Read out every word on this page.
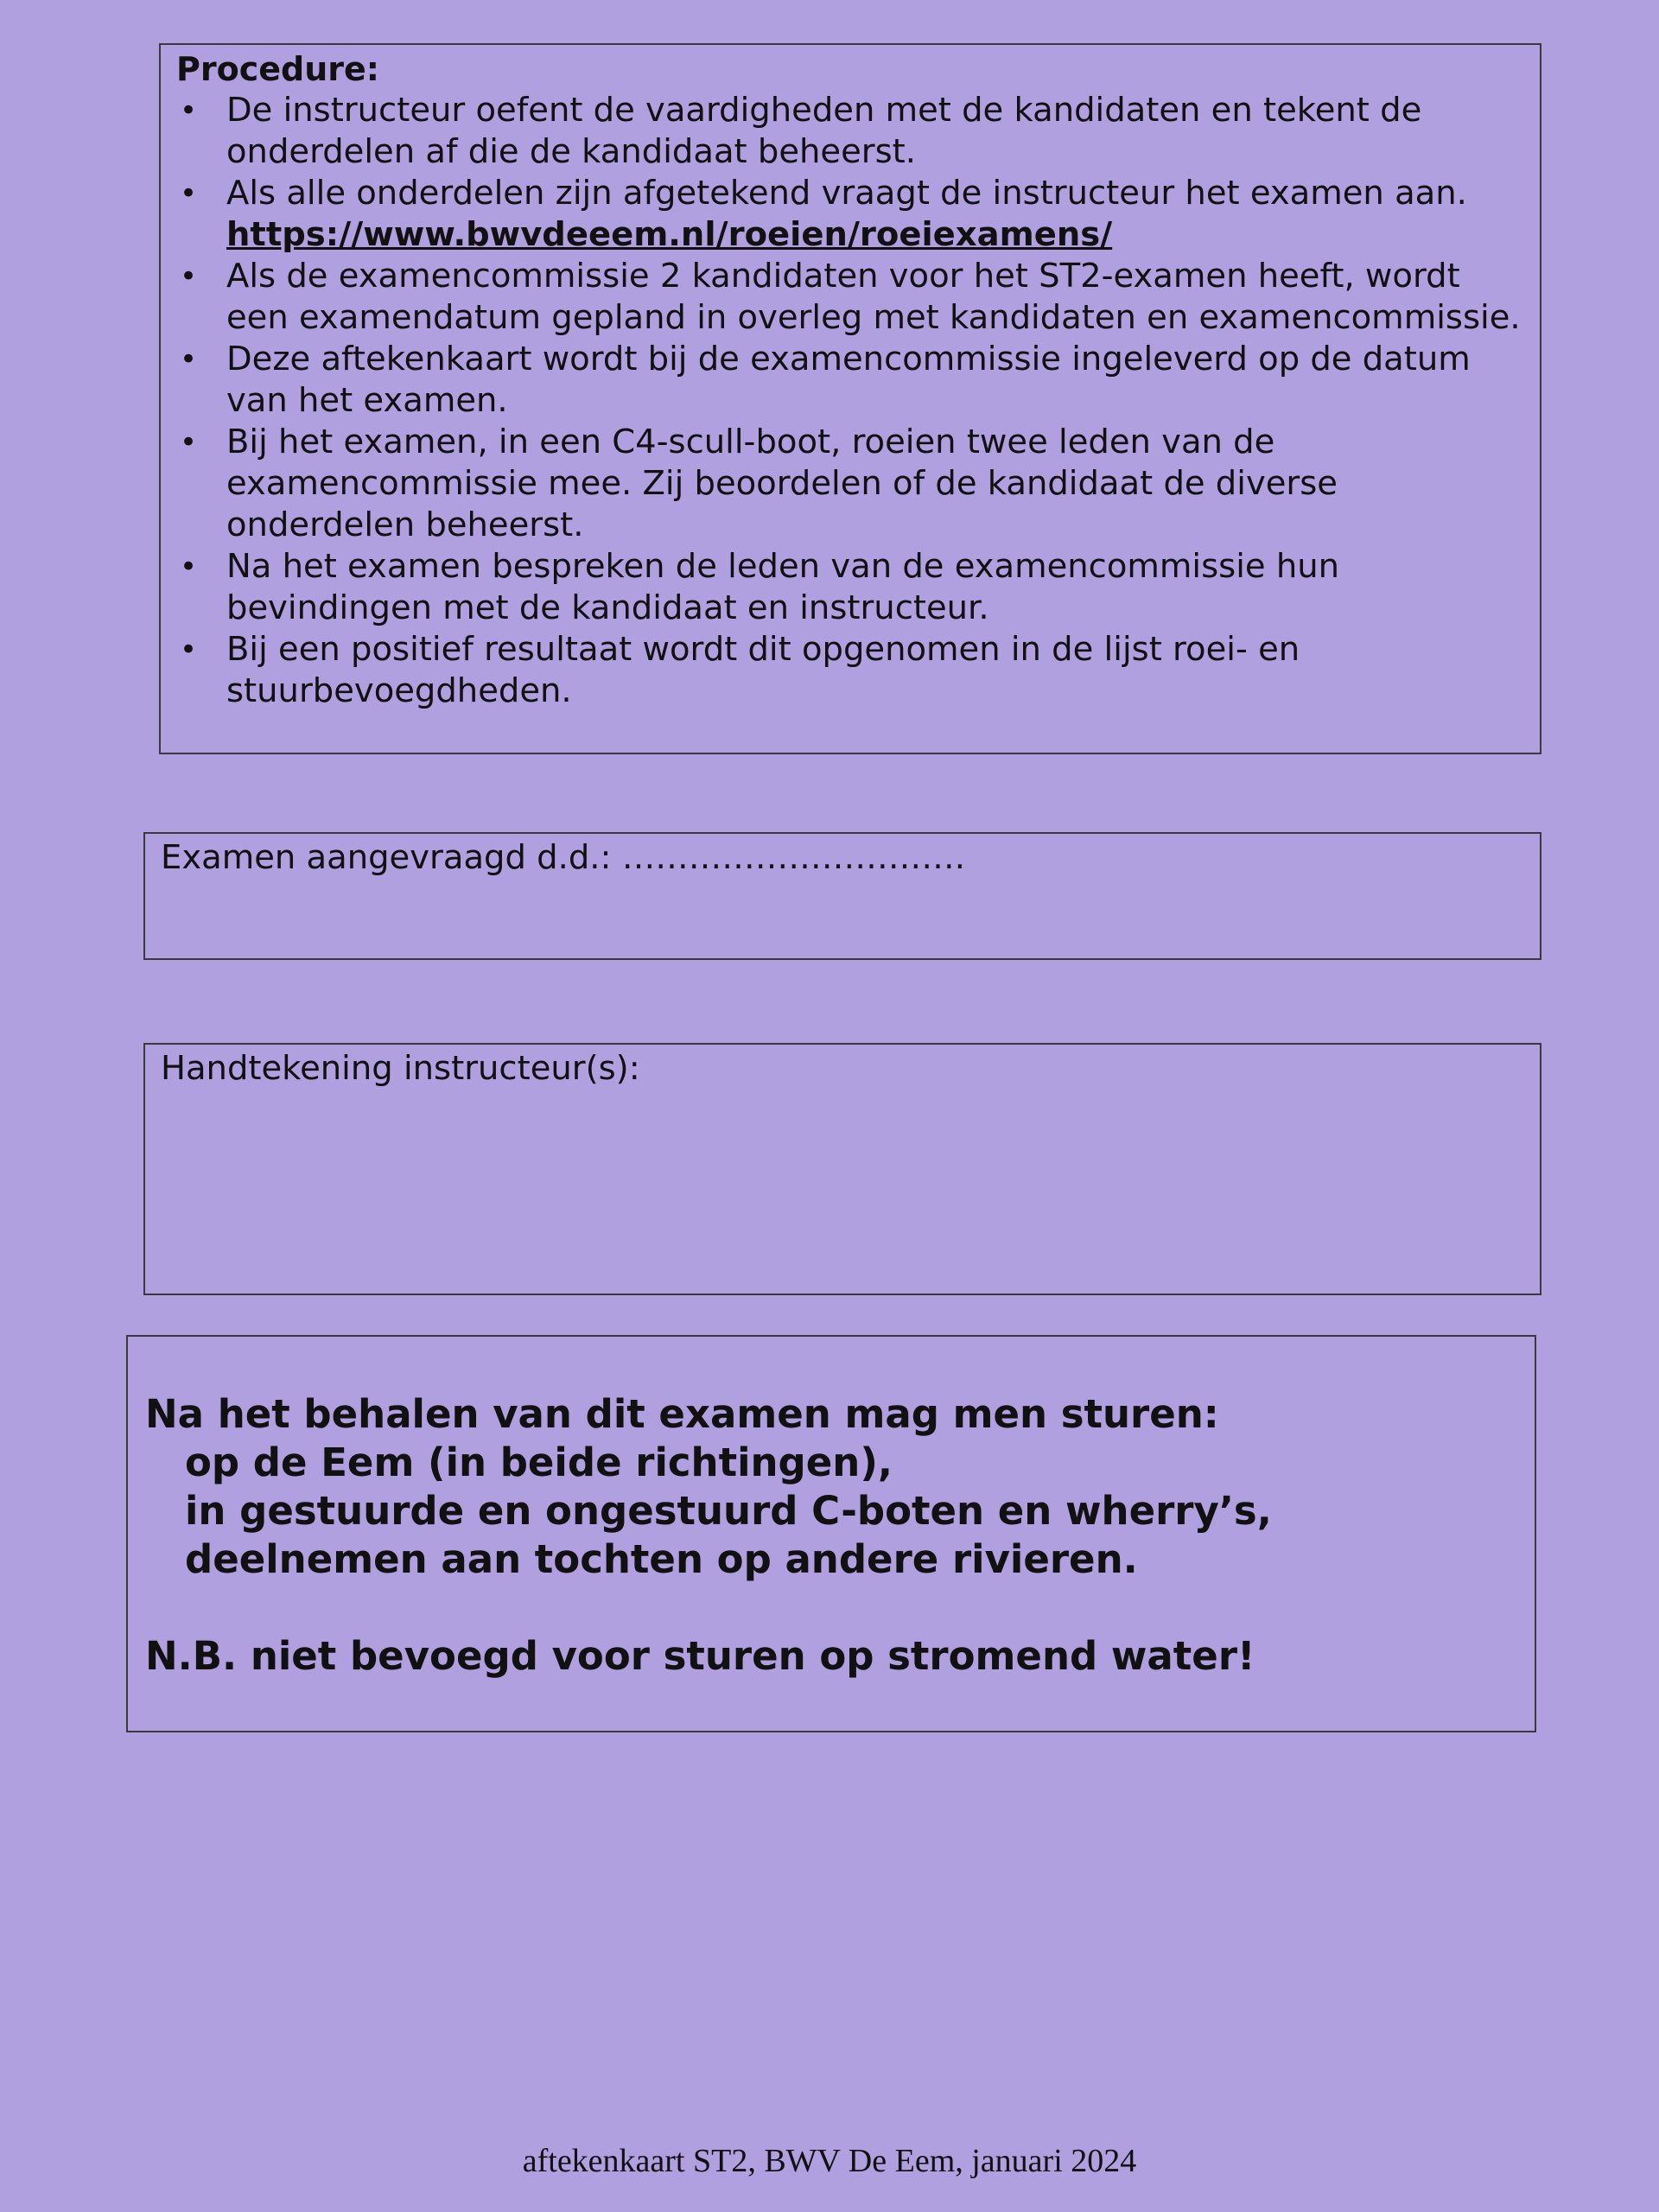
Procedure:
• De instructeur oefent de vaardigheden met de kandidaten en tekent de onderdelen af die de kandidaat beheerst.
• Als alle onderdelen zijn afgetekend vraagt de instructeur het examen aan.
https://www.bwvdeeem.nl/roeien/roeiexamens/
• Als de examencommissie 2 kandidaten voor het ST2-examen heeft, wordt een examendatum gepland in overleg met kandidaten en examencommissie.
• Deze aftekenkaart wordt bij de examencommissie ingeleverd op de datum van het examen.
• Bij het examen, in een C4-scull-boot, roeien twee leden van de examencommissie mee. Zij beoordelen of de kandidaat de diverse onderdelen beheerst.
• Na het examen bespreken de leden van de examencommissie hun bevindingen met de kandidaat en instructeur.
• Bij een positief resultaat wordt dit opgenomen in de lijst roei- en stuurbevoegdheden.
Examen aangevraagd d.d.: ………………………….
Handtekening instructeur(s):
Na het behalen van dit examen mag men sturen:
op de Eem (in beide richtingen),
in gestuurde en ongestuurd C-boten en wherry’s,
deelnemen aan tochten op andere rivieren.
N.B. niet bevoegd voor sturen op stromend water!
aftekenkaart ST2, BWV De Eem, januari 2024
